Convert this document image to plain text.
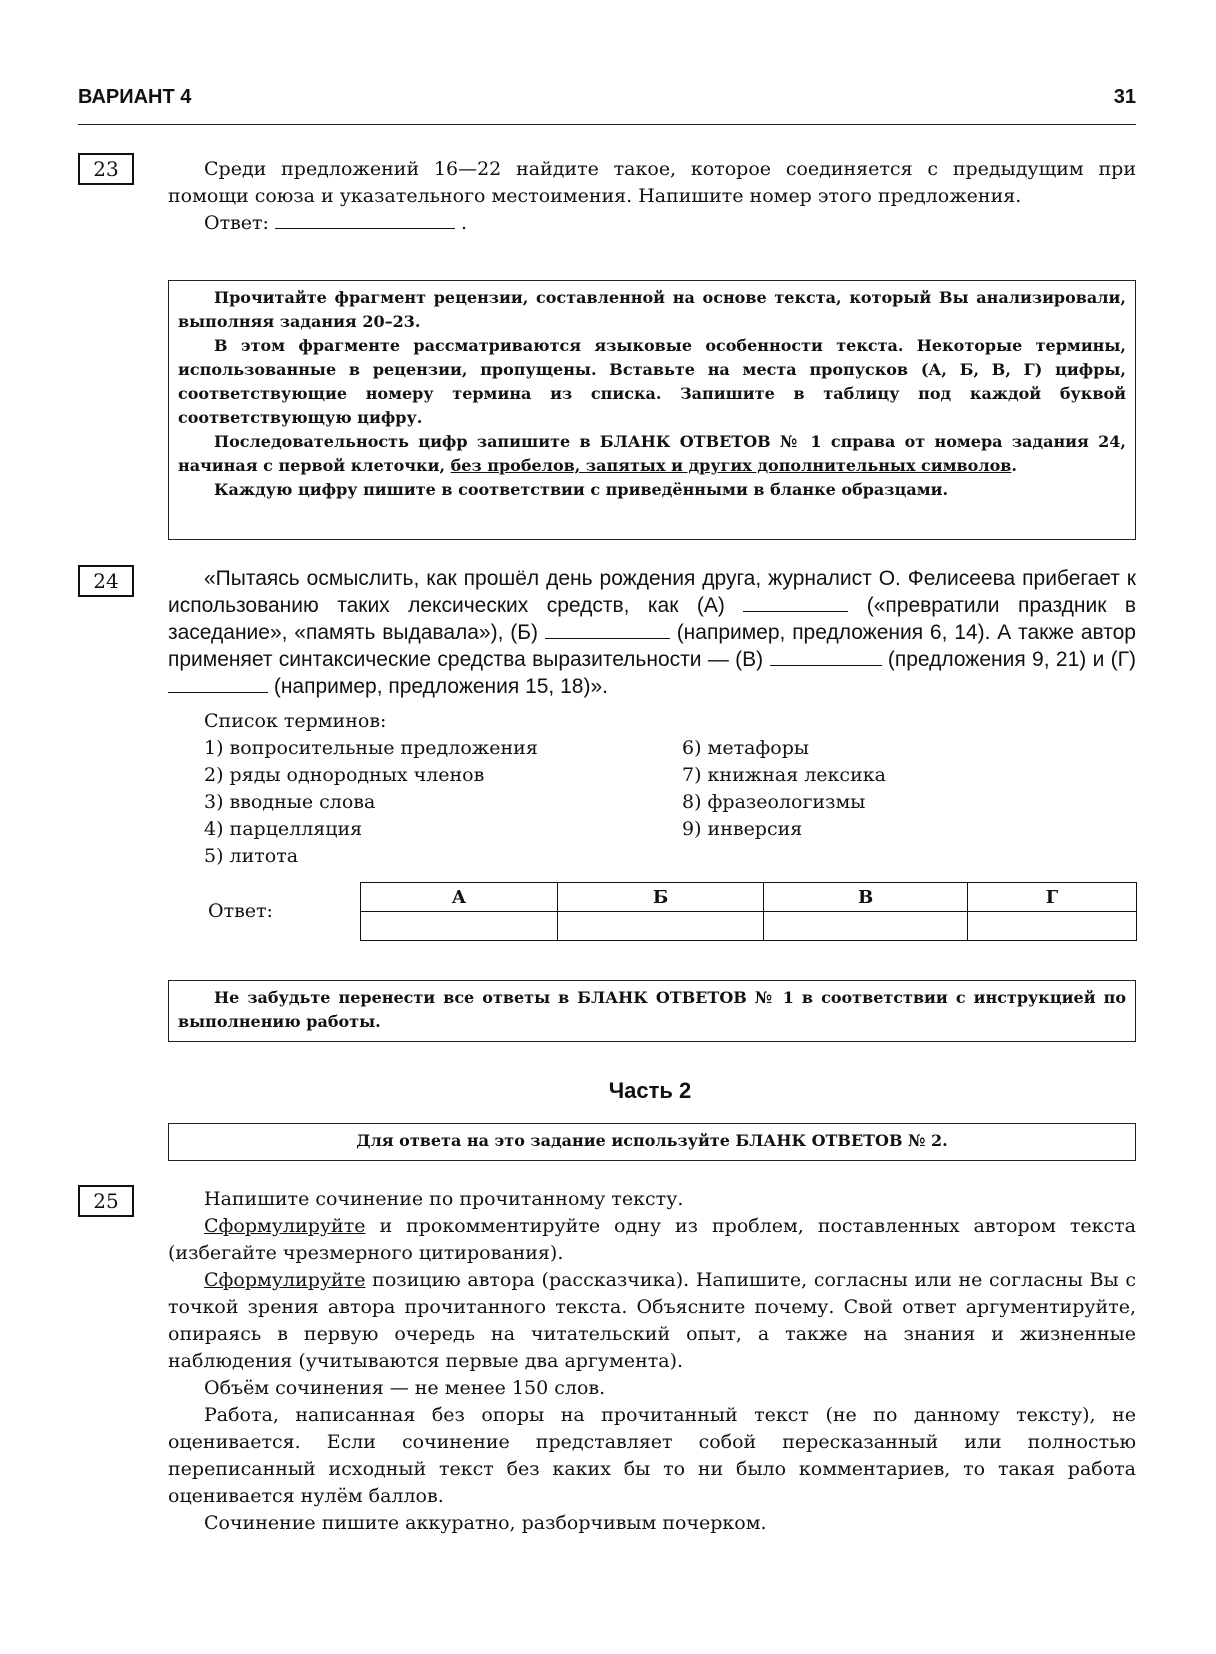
ВАРИАНТ 4	31
23	Среди предложений 16—22 найдите такое, которое соединяется с предыдущим при помощи союза и указательного местоимения. Напишите номер этого предложения.

Ответ:	.

Прочитайте фрагмент рецензии, составленной на основе текста, который Вы анализировали, выполняя задания 20–23.

В этом фрагменте рассматриваются языковые особенности текста. Некоторые термины, использованные в рецензии, пропущены. Вставьте на места пропусков (А, Б, В, Г) цифры, соответствующие номеру термина из списка. Запишите в таблицу под каждой буквой соответствующую цифру.

Последовательность цифр запишите в БЛАНК ОТВЕТОВ № 1 справа от номера задания 24, начиная с первой клеточки, без пробелов, запятых и других дополнительных символов.

Каждую цифру пишите в соответствии с приведёнными в бланке образцами.

24	«Пытаясь осмыслить, как прошёл день рождения друга, журналист О. Фелисеева прибегает к использованию таких лексических средств, как (А)	(«превратили праздник в заседание», «память выдавала»), (Б)	(например, предложения 6, 14). А также автор применяет синтаксические средства выразительности — (В)	(предложения 9, 21) и (Г)  (например, предложения 15, 18)».

Список терминов:
1) вопросительные предложения
2) ряды однородных членов
3) вводные слова
4) парцелляция
5) литота
6) метафоры
7) книжная лексика
8) фразеологизмы
9) инверсия
Ответ:
А	Б	В	Г

Не забудьте перенести все ответы в БЛАНК ОТВЕТОВ № 1 в соответствии с инструкцией по выполнению работы.

Часть 2
Для ответа на это задание используйте БЛАНК ОТВЕТОВ № 2.
25	Напишите сочинение по прочитанному тексту.

Сформулируйте и прокомментируйте одну из проблем, поставленных автором текста (избегайте чрезмерного цитирования).

Сформулируйте позицию автора (рассказчика). Напишите, согласны или не согласны Вы с точкой зрения автора прочитанного текста. Объясните почему. Свой ответ аргументируйте, опираясь в первую очередь на читательский опыт, а также на знания и жизненные наблюдения (учитываются первые два аргумента).

Объём сочинения — не менее 150 слов.

Работа, написанная без опоры на прочитанный текст (не по данному тексту), не оценивается. Если сочинение представляет собой пересказанный или полностью переписанный исходный текст без каких бы то ни было комментариев, то такая работа оценивается нулём баллов.

Сочинение пишите аккуратно, разборчивым почерком.
